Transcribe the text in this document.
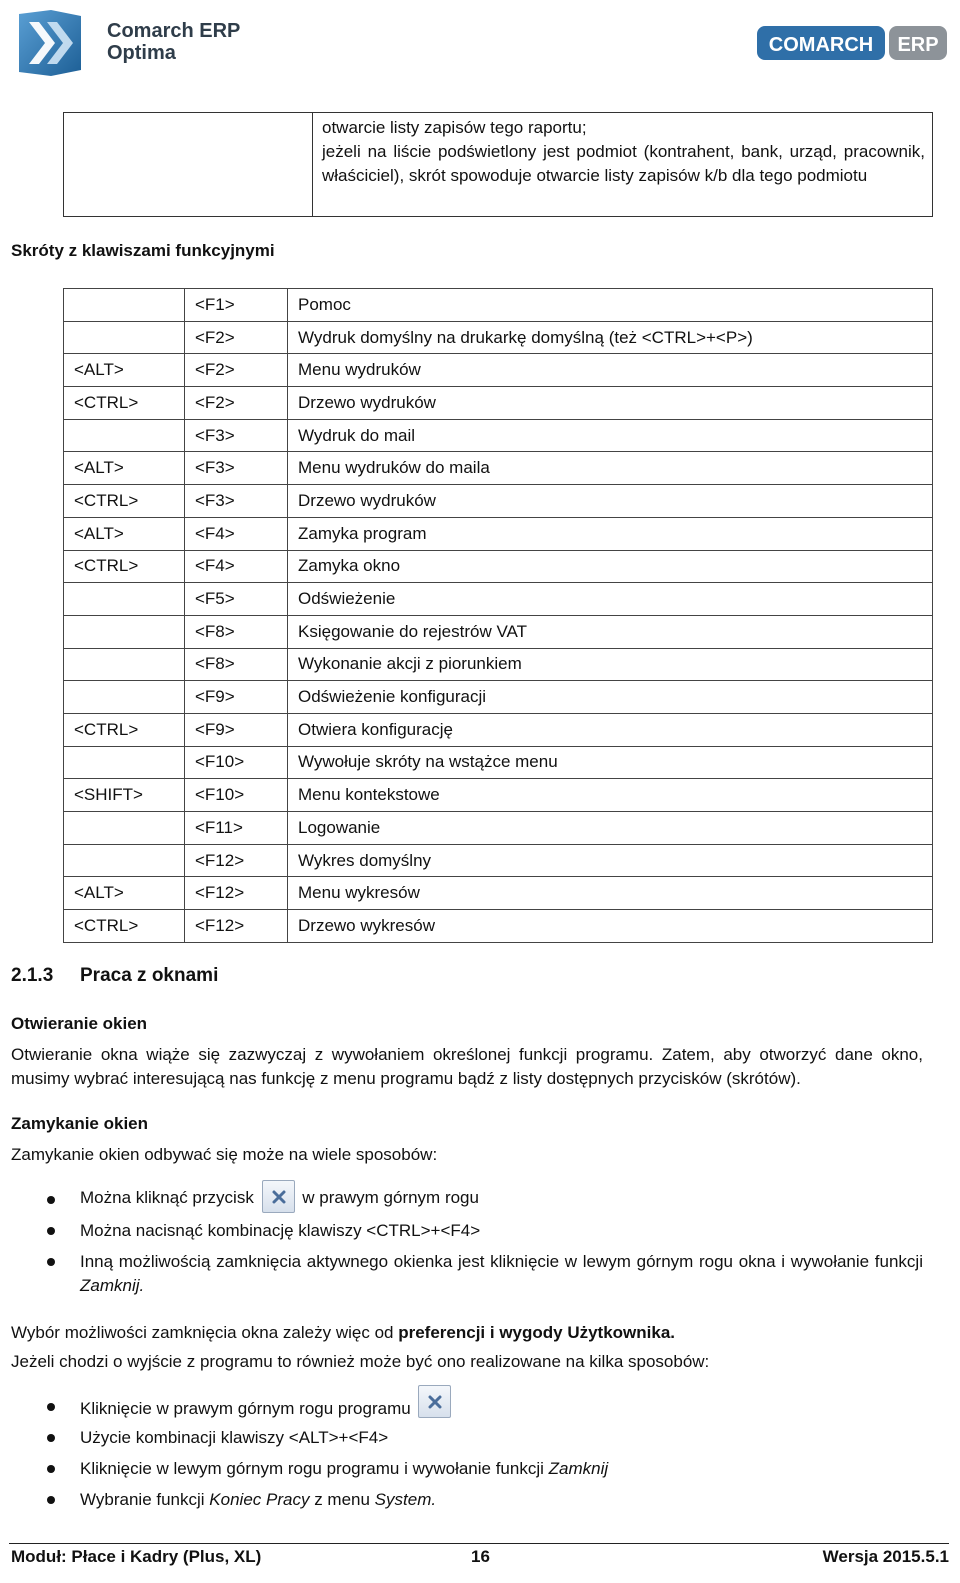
Comarch ERP
Optima	COMARCH ERP
otwarcie listy zapisów tego raportu;
jeżeli na liście podświetlony jest podmiot (kontrahent, bank, urząd, pracownik, właściciel), skrót spowoduje otwarcie listy zapisów k/b dla tego podmiotu
Skróty z klawiszami funkcyjnymi
	<F1>	Pomoc
	<F2>	Wydruk domyślny na drukarkę domyślną (też <CTRL>+<P>)
<ALT>	<F2>	Menu wydruków
<CTRL>	<F2>	Drzewo wydruków
	<F3>	Wydruk do mail
<ALT>	<F3>	Menu wydruków do maila
<CTRL>	<F3>	Drzewo wydruków
<ALT>	<F4>	Zamyka program
<CTRL>	<F4>	Zamyka okno
	<F5>	Odświeżenie
	<F8>	Księgowanie do rejestrów VAT
	<F8>	Wykonanie akcji z piorunkiem
	<F9>	Odświeżenie konfiguracji
<CTRL>	<F9>	Otwiera konfigurację
	<F10>	Wywołuje skróty na wstążce menu
<SHIFT>	<F10>	Menu kontekstowe
	<F11>	Logowanie
	<F12>	Wykres domyślny
<ALT>	<F12>	Menu wykresów
<CTRL>	<F12>	Drzewo wykresów
2.1.3 Praca z oknami
Otwieranie okien
Otwieranie okna wiąże się zazwyczaj z wywołaniem określonej funkcji programu. Zatem, aby otworzyć dane okno, musimy wybrać interesującą nas funkcję z menu programu bądź z listy dostępnych przycisków (skrótów).
Zamykanie okien
Zamykanie okien odbywać się może na wiele sposobów:
Można kliknąć przycisk	w prawym górnym rogu
Można nacisnąć kombinację klawiszy <CTRL>+<F4>
Inną możliwością zamknięcia aktywnego okienka jest kliknięcie w lewym górnym rogu okna i wywołanie funkcji Zamknij.
Wybór możliwości zamknięcia okna zależy więc od preferencji i wygody Użytkownika.
Jeżeli chodzi o wyjście z programu to również może być ono realizowane na kilka sposobów:
Kliknięcie w prawym górnym rogu programu
Użycie kombinacji klawiszy <ALT>+<F4>
Kliknięcie w lewym górnym rogu programu i wywołanie funkcji Zamknij
Wybranie funkcji Koniec Pracy z menu System.
Moduł: Płace i Kadry (Plus, XL)	16	Wersja 2015.5.1
